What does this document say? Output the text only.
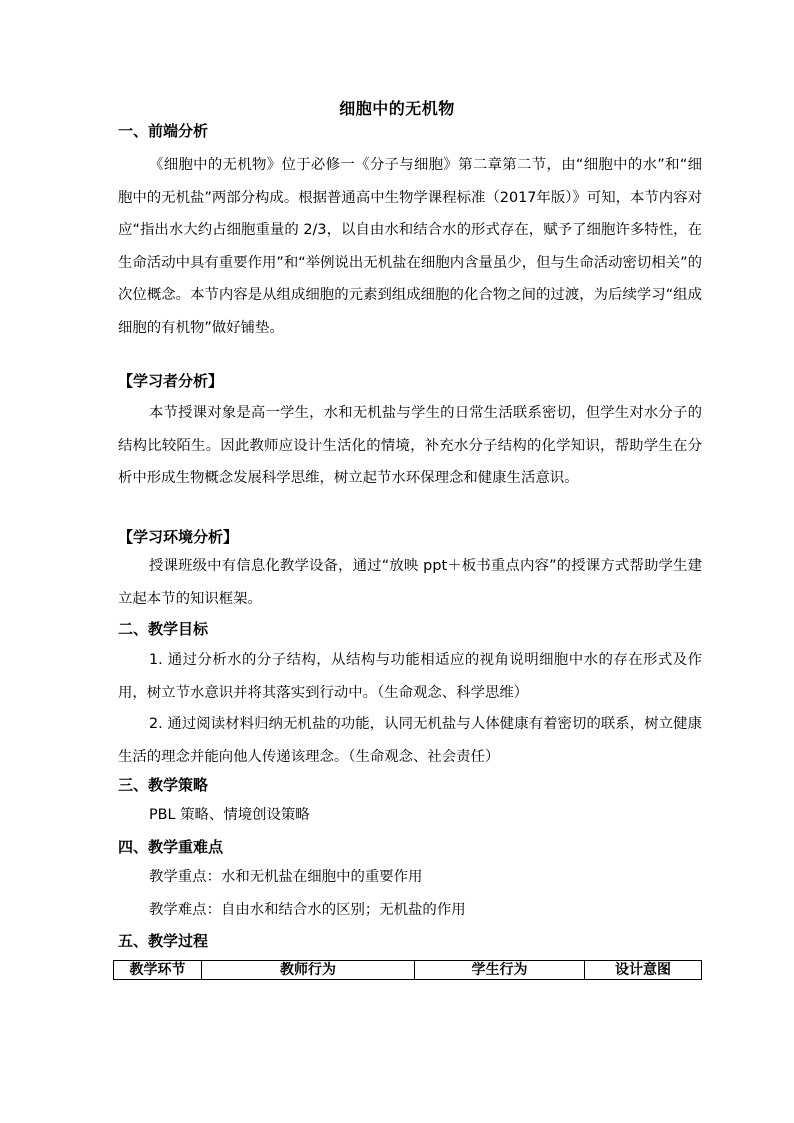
细胞中的无机物
一、前端分析
《细胞中的无机物》位于必修一《分子与细胞》第二章第二节，由“细胞中的水”和“细胞中的无机盐”两部分构成。根据普通高中生物学课程标准（2017年版）》可知，本节内容对应“指出水大约占细胞重量的 2/3，以自由水和结合水的形式存在，赋予了细胞许多特性，在生命活动中具有重要作用”和“举例说出无机盐在细胞内含量虽少，但与生命活动密切相关”的次位概念。本节内容是从组成细胞的元素到组成细胞的化合物之间的过渡，为后续学习“组成细胞的有机物”做好铺垫。
【学习者分析】
本节授课对象是高一学生，水和无机盐与学生的日常生活联系密切，但学生对水分子的结构比较陌生。因此教师应设计生活化的情境，补充水分子结构的化学知识，帮助学生在分析中形成生物概念发展科学思维，树立起节水环保理念和健康生活意识。
【学习环境分析】
授课班级中有信息化教学设备，通过“放映 ppt＋板书重点内容”的授课方式帮助学生建立起本节的知识框架。
二、教学目标
1. 通过分析水的分子结构，从结构与功能相适应的视角说明细胞中水的存在形式及作用，树立节水意识并将其落实到行动中。（生命观念、科学思维）
2. 通过阅读材料归纳无机盐的功能，认同无机盐与人体健康有着密切的联系，树立健康生活的理念并能向他人传递该理念。（生命观念、社会责任）
三、教学策略
PBL 策略、情境创设策略
四、教学重难点
教学重点：水和无机盐在细胞中的重要作用
教学难点：自由水和结合水的区别；无机盐的作用
五、教学过程
教学环节	教师行为	学生行为	设计意图
